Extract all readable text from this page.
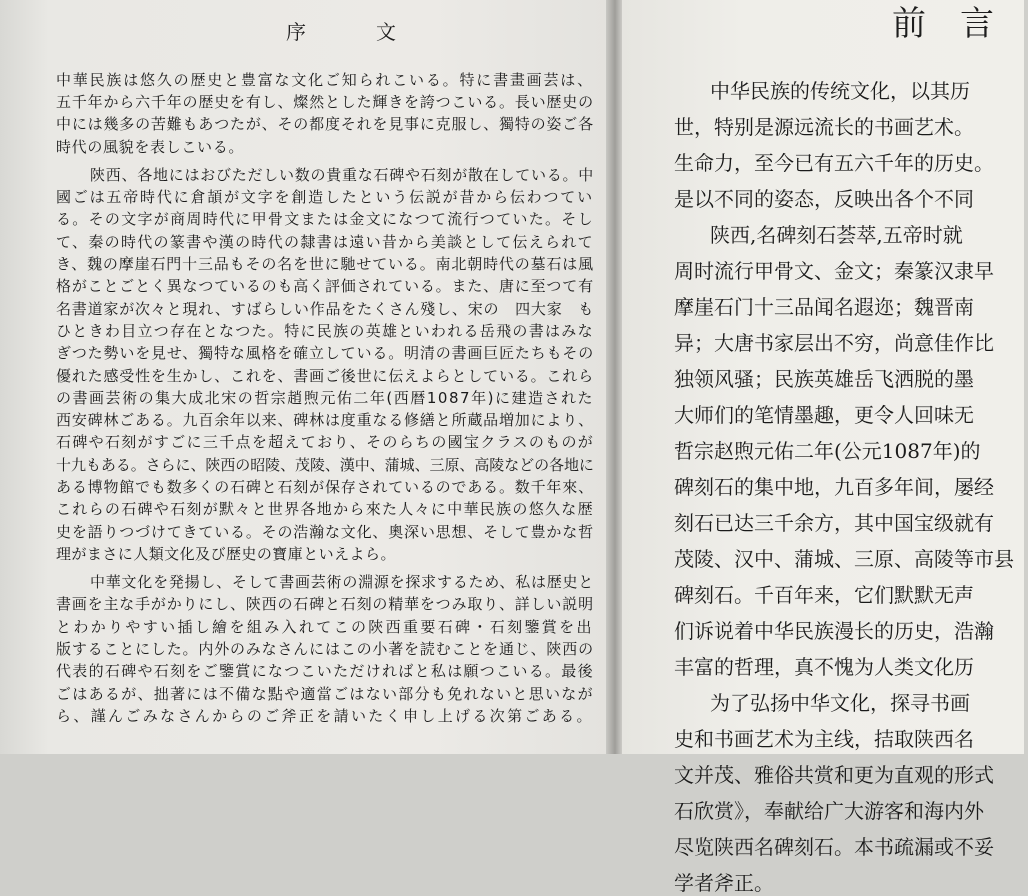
序	文
中華民族は悠久の歴史と豊富な文化ご知られこいる。特に書畫画芸は、
五千年から六千年の歴史を有し、燦然とした輝きを誇つこいる。長い歴史の
中には幾多の苦難もあつたが、その都度それを見事に克服し、獨特の姿ご各
時代の風貌を表しこいる。
陝西、各地にはおびただしい数の貴重な石碑や石刻が散在している。中
國ごは五帝時代に倉頡が文字を創造したという伝説が昔から伝わつてい
る。その文字が商周時代に甲骨文または金文になつて流行つていた。そし
て、秦の時代の篆書や漢の時代の隸書は遠い昔から美談として伝えられて
き、魏の摩崖石門十三品もその名を世に馳せている。南北朝時代の墓石は風
格がことごとく異なつているのも高く評価されている。また、唐に至つて有
名書道家が次々と現れ、すばらしい作品をたくさん殘し、宋の　四大家　も
ひときわ目立つ存在となつた。特に民族の英雄といわれる岳飛の書はみな
ぎつた勢いを見せ、獨特な風格を確立している。明清の書画巨匠たちもその
優れた感受性を生かし、これを、書画ご後世に伝えよらとしている。これら
の書画芸術の集大成北宋の哲宗趙煦元佑二年(西暦1087年)に建造された
西安碑林ごある。九百余年以来、碑林は度重なる修繕と所蔵品増加により、
石碑や石刻がすごに三千点を超えており、そのらちの國宝クラスのものが
十九もある。さらに、陝西の昭陵、茂陵、漢中、蒲城、三原、高陵などの各地に
ある博物館でも数多くの石碑と石刻が保存されているのである。数千年來、
これらの石碑や石刻が默々と世界各地から來た人々に中華民族の悠久な歴
史を語りつづけてきている。その浩瀚な文化、奧深い思想、そして豊かな哲
理がまさに人類文化及び歴史の寶庫といえよら。
中華文化を発揚し、そして書画芸術の淵源を探求するため、私は歴史と
書画を主な手がかりにし、陝西の石碑と石刻の精華をつみ取り、詳しい説明
とわかりやすい插し繪を組み入れてこの陝西重要石碑・石刻鑒賞を出
版することにした。内外のみなさんにはこの小著を読むことを通じ、陝西の
代表的石碑や石刻をご鑒賞になつこいただければと私は願つこいる。最後
ごはあるが、拙著には不備な點や適當ごはない部分も免れないと思いなが
ら、謹んごみなさんからのご斧正を請いたく申し上げる次第ごある。
前言
中华民族的传统文化，以其历
世，特别是源远流长的书画艺术。
生命力，至今已有五六千年的历史。
是以不同的姿态，反映出各个不同
陕西,名碑刻石荟萃,五帝时就
周时流行甲骨文、金文；秦篆汉隶早
摩崖石门十三品闻名遐迩；魏晋南
异；大唐书家层出不穷，尚意佳作比
独领风骚；民族英雄岳飞洒脱的墨
大师们的笔情墨趣，更令人回味无
哲宗赵煦元佑二年(公元1087年)的
碑刻石的集中地，九百多年间，屡经
刻石已达三千余方，其中国宝级就有
茂陵、汉中、蒲城、三原、高陵等市县
碑刻石。千百年来，它们默默无声
们诉说着中华民族漫长的历史，浩瀚
丰富的哲理，真不愧为人类文化历
为了弘扬中华文化，探寻书画
史和书画艺术为主线，拮取陕西名
文并茂、雅俗共赏和更为直观的形式
石欣赏》，奉献给广大游客和海内外
尽览陕西名碑刻石。本书疏漏或不妥
学者斧正。
